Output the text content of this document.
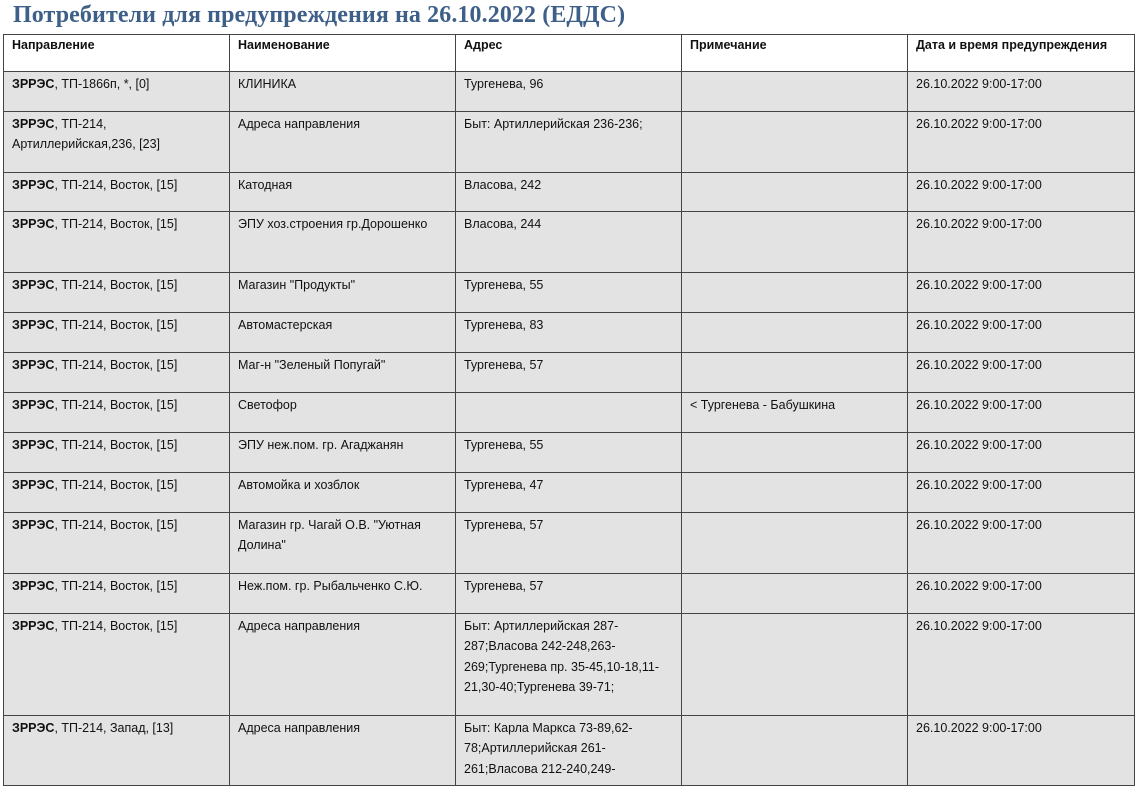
Потребители для предупреждения на 26.10.2022 (ЕДДС)
Направление	Наименование	Адрес	Примечание	Дата и время предупреждения
ЗРРЭС, ТП-1866п, *, [0]	КЛИНИКА	Тургенева, 96		26.10.2022 9:00-17:00
ЗРРЭС, ТП-214, Артиллерийская,236, [23]	Адреса направления	Быт: Артиллерийская 236-236;		26.10.2022 9:00-17:00
ЗРРЭС, ТП-214, Восток, [15]	Катодная	Власова, 242		26.10.2022 9:00-17:00
ЗРРЭС, ТП-214, Восток, [15]	ЭПУ хоз.строения гр.Дорошенко	Власова, 244		26.10.2022 9:00-17:00
ЗРРЭС, ТП-214, Восток, [15]	Магазин "Продукты"	Тургенева, 55		26.10.2022 9:00-17:00
ЗРРЭС, ТП-214, Восток, [15]	Автомастерская	Тургенева, 83		26.10.2022 9:00-17:00
ЗРРЭС, ТП-214, Восток, [15]	Маг-н "Зеленый Попугай"	Тургенева, 57		26.10.2022 9:00-17:00
ЗРРЭС, ТП-214, Восток, [15]	Светофор		< Тургенева - Бабушкина	26.10.2022 9:00-17:00
ЗРРЭС, ТП-214, Восток, [15]	ЭПУ неж.пом. гр. Агаджанян	Тургенева, 55		26.10.2022 9:00-17:00
ЗРРЭС, ТП-214, Восток, [15]	Автомойка и хозблок	Тургенева, 47		26.10.2022 9:00-17:00
ЗРРЭС, ТП-214, Восток, [15]	Магазин гр. Чагай О.В. "Уютная Долина"	Тургенева, 57		26.10.2022 9:00-17:00
ЗРРЭС, ТП-214, Восток, [15]	Неж.пом. гр. Рыбальченко С.Ю.	Тургенева, 57		26.10.2022 9:00-17:00
ЗРРЭС, ТП-214, Восток, [15]	Адреса направления	Быт: Артиллерийская 287-287;Власова 242-248,263-269;Тургенева пр. 35-45,10-18,11-21,30-40;Тургенева 39-71;		26.10.2022 9:00-17:00
ЗРРЭС, ТП-214, Запад, [13]	Адреса направления	Быт: Карла Маркса 73-89,62-78;Артиллерийская 261-261;Власова 212-240,249-		26.10.2022 9:00-17:00
